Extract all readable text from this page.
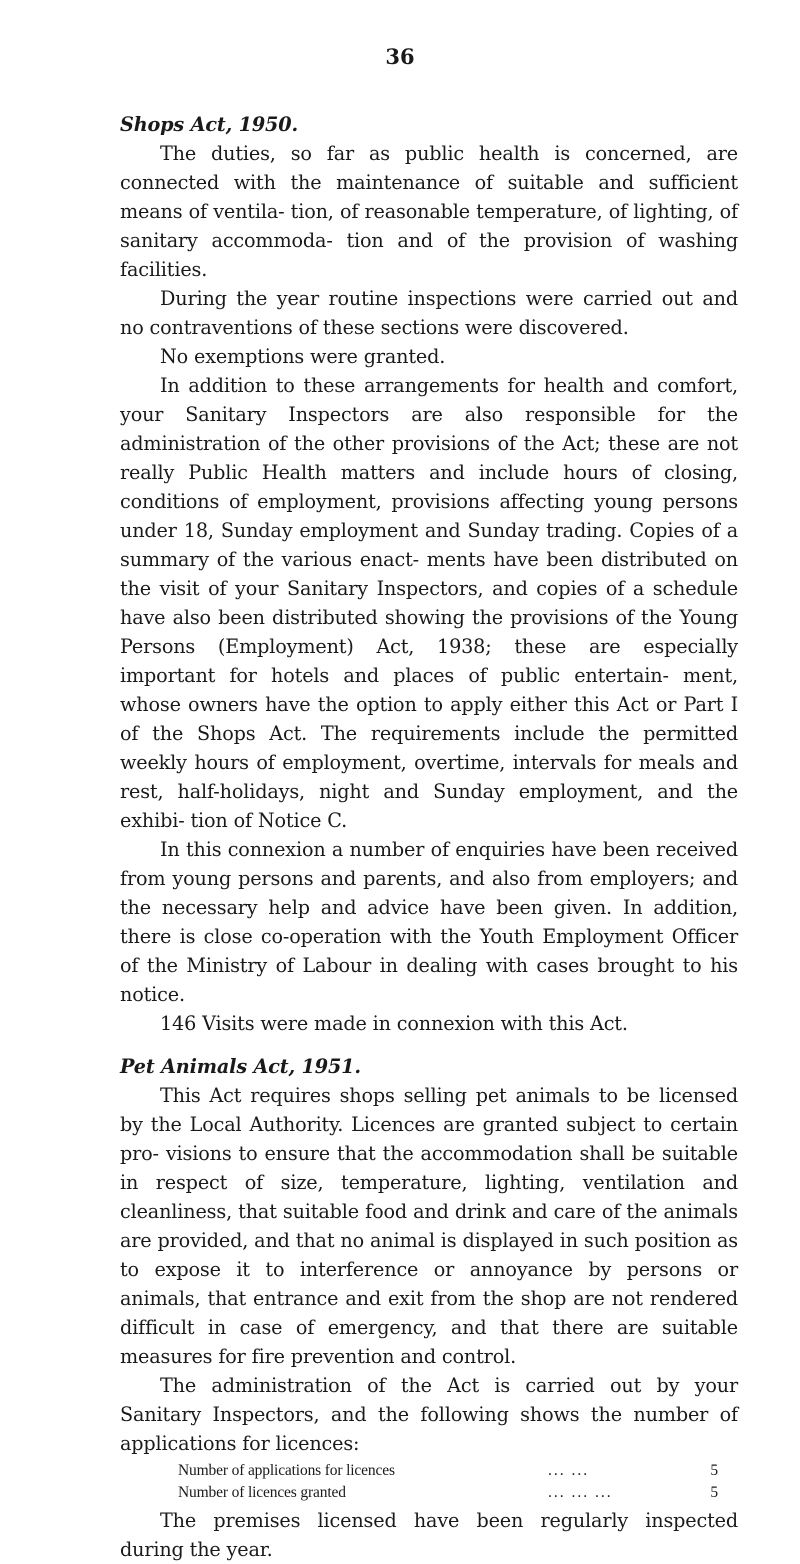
36

Shops Act, 1950.

The duties, so far as public health is concerned, are connected with the maintenance of suitable and sufficient means of ventila- tion, of reasonable temperature, of lighting, of sanitary accommoda- tion and of the provision of washing facilities.

During the year routine inspections were carried out and no contraventions of these sections were discovered.

No exemptions were granted.

In addition to these arrangements for health and comfort, your Sanitary Inspectors are also responsible for the administration of the other provisions of the Act; these are not really Public Health matters and include hours of closing, conditions of employment, provisions affecting young persons under 18, Sunday employment and Sunday trading. Copies of a summary of the various enact- ments have been distributed on the visit of your Sanitary Inspectors, and copies of a schedule have also been distributed showing the provisions of the Young Persons (Employment) Act, 1938; these are especially important for hotels and places of public entertain- ment, whose owners have the option to apply either this Act or Part I of the Shops Act. The requirements include the permitted weekly hours of employment, overtime, intervals for meals and rest, half-holidays, night and Sunday employment, and the exhibi- tion of Notice C.

In this connexion a number of enquiries have been received from young persons and parents, and also from employers; and the necessary help and advice have been given. In addition, there is close co-operation with the Youth Employment Officer of the Ministry of Labour in dealing with cases brought to his notice.

146 Visits were made in connexion with this Act.

Pet Animals Act, 1951.

This Act requires shops selling pet animals to be licensed by the Local Authority. Licences are granted subject to certain pro- visions to ensure that the accommodation shall be suitable in respect of size, temperature, lighting, ventilation and cleanliness, that suitable food and drink and care of the animals are provided, and that no animal is displayed in such position as to expose it to interference or annoyance by persons or animals, that entrance and exit from the shop are not rendered difficult in case of emergency, and that there are suitable measures for fire prevention and control.

The administration of the Act is carried out by your Sanitary Inspectors, and the following shows the number of applications for licences:

Number of applications for licences	... ...	5
Number of licences granted	... ... ...	5

The premises licensed have been regularly inspected during the year.
